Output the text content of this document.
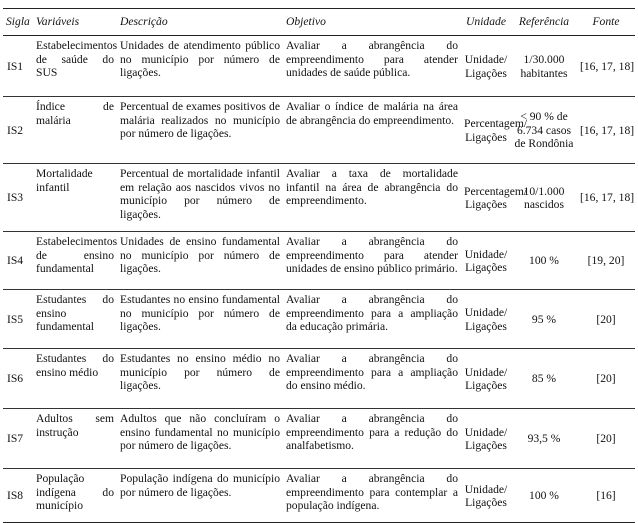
Sigla	Variáveis	Descrição	Objetivo	Unidade	Referência	Fonte
IS1	Estabelecimentos de saúde do SUS	Unidades de atendimento público no município por número de ligações.	Avaliar a abrangência do empreendimento para atender unidades de saúde pública.	Unidade/ Ligações	1/30.000 habitantes	[16, 17, 18]
IS2	Índice de malária	Percentual de exames positivos de malária realizados no município por número de ligações.	Avaliar o índice de malária na área de abrangência do empreendimento.	Percentagem/ Ligações	< 90 % de 6.734 casos de Rondônia	[16, 17, 18]
IS3	Mortalidade infantil	Percentual de mortalidade infantil em relação aos nascidos vivos no município por número de ligações.	Avaliar a taxa de mortalidade infantil na área de abrangência do empreendimento.	Percentagem/ Ligações	10/1.000 nascidos	[16, 17, 18]
IS4	Estabelecimentos de ensino fundamental	Unidades de ensino fundamental no município por número de ligações.	Avaliar a abrangência do empreendimento para atender unidades de ensino público primário.	Unidade/ Ligações	100 %	[19, 20]
IS5	Estudantes do ensino fundamental	Estudantes no ensino fundamental no município por número de ligações.	Avaliar a abrangência do empreendimento para a ampliação da educação primária.	Unidade/ Ligações	95 %	[20]
IS6	Estudantes do ensino médio	Estudantes no ensino médio no município por número de ligações.	Avaliar a abrangência do empreendimento para a ampliação do ensino médio.	Unidade/ Ligações	85 %	[20]
IS7	Adultos sem instrução	Adultos que não concluíram o ensino fundamental no município por número de ligações.	Avaliar a abrangência do empreendimento para a redução do analfabetismo.	Unidade/ Ligações	93,5 %	[20]
IS8	População indígena do município	População indígena do município por número de ligações.	Avaliar a abrangência do empreendimento para contemplar a população indígena.	Unidade/ Ligações	100 %	[16]
